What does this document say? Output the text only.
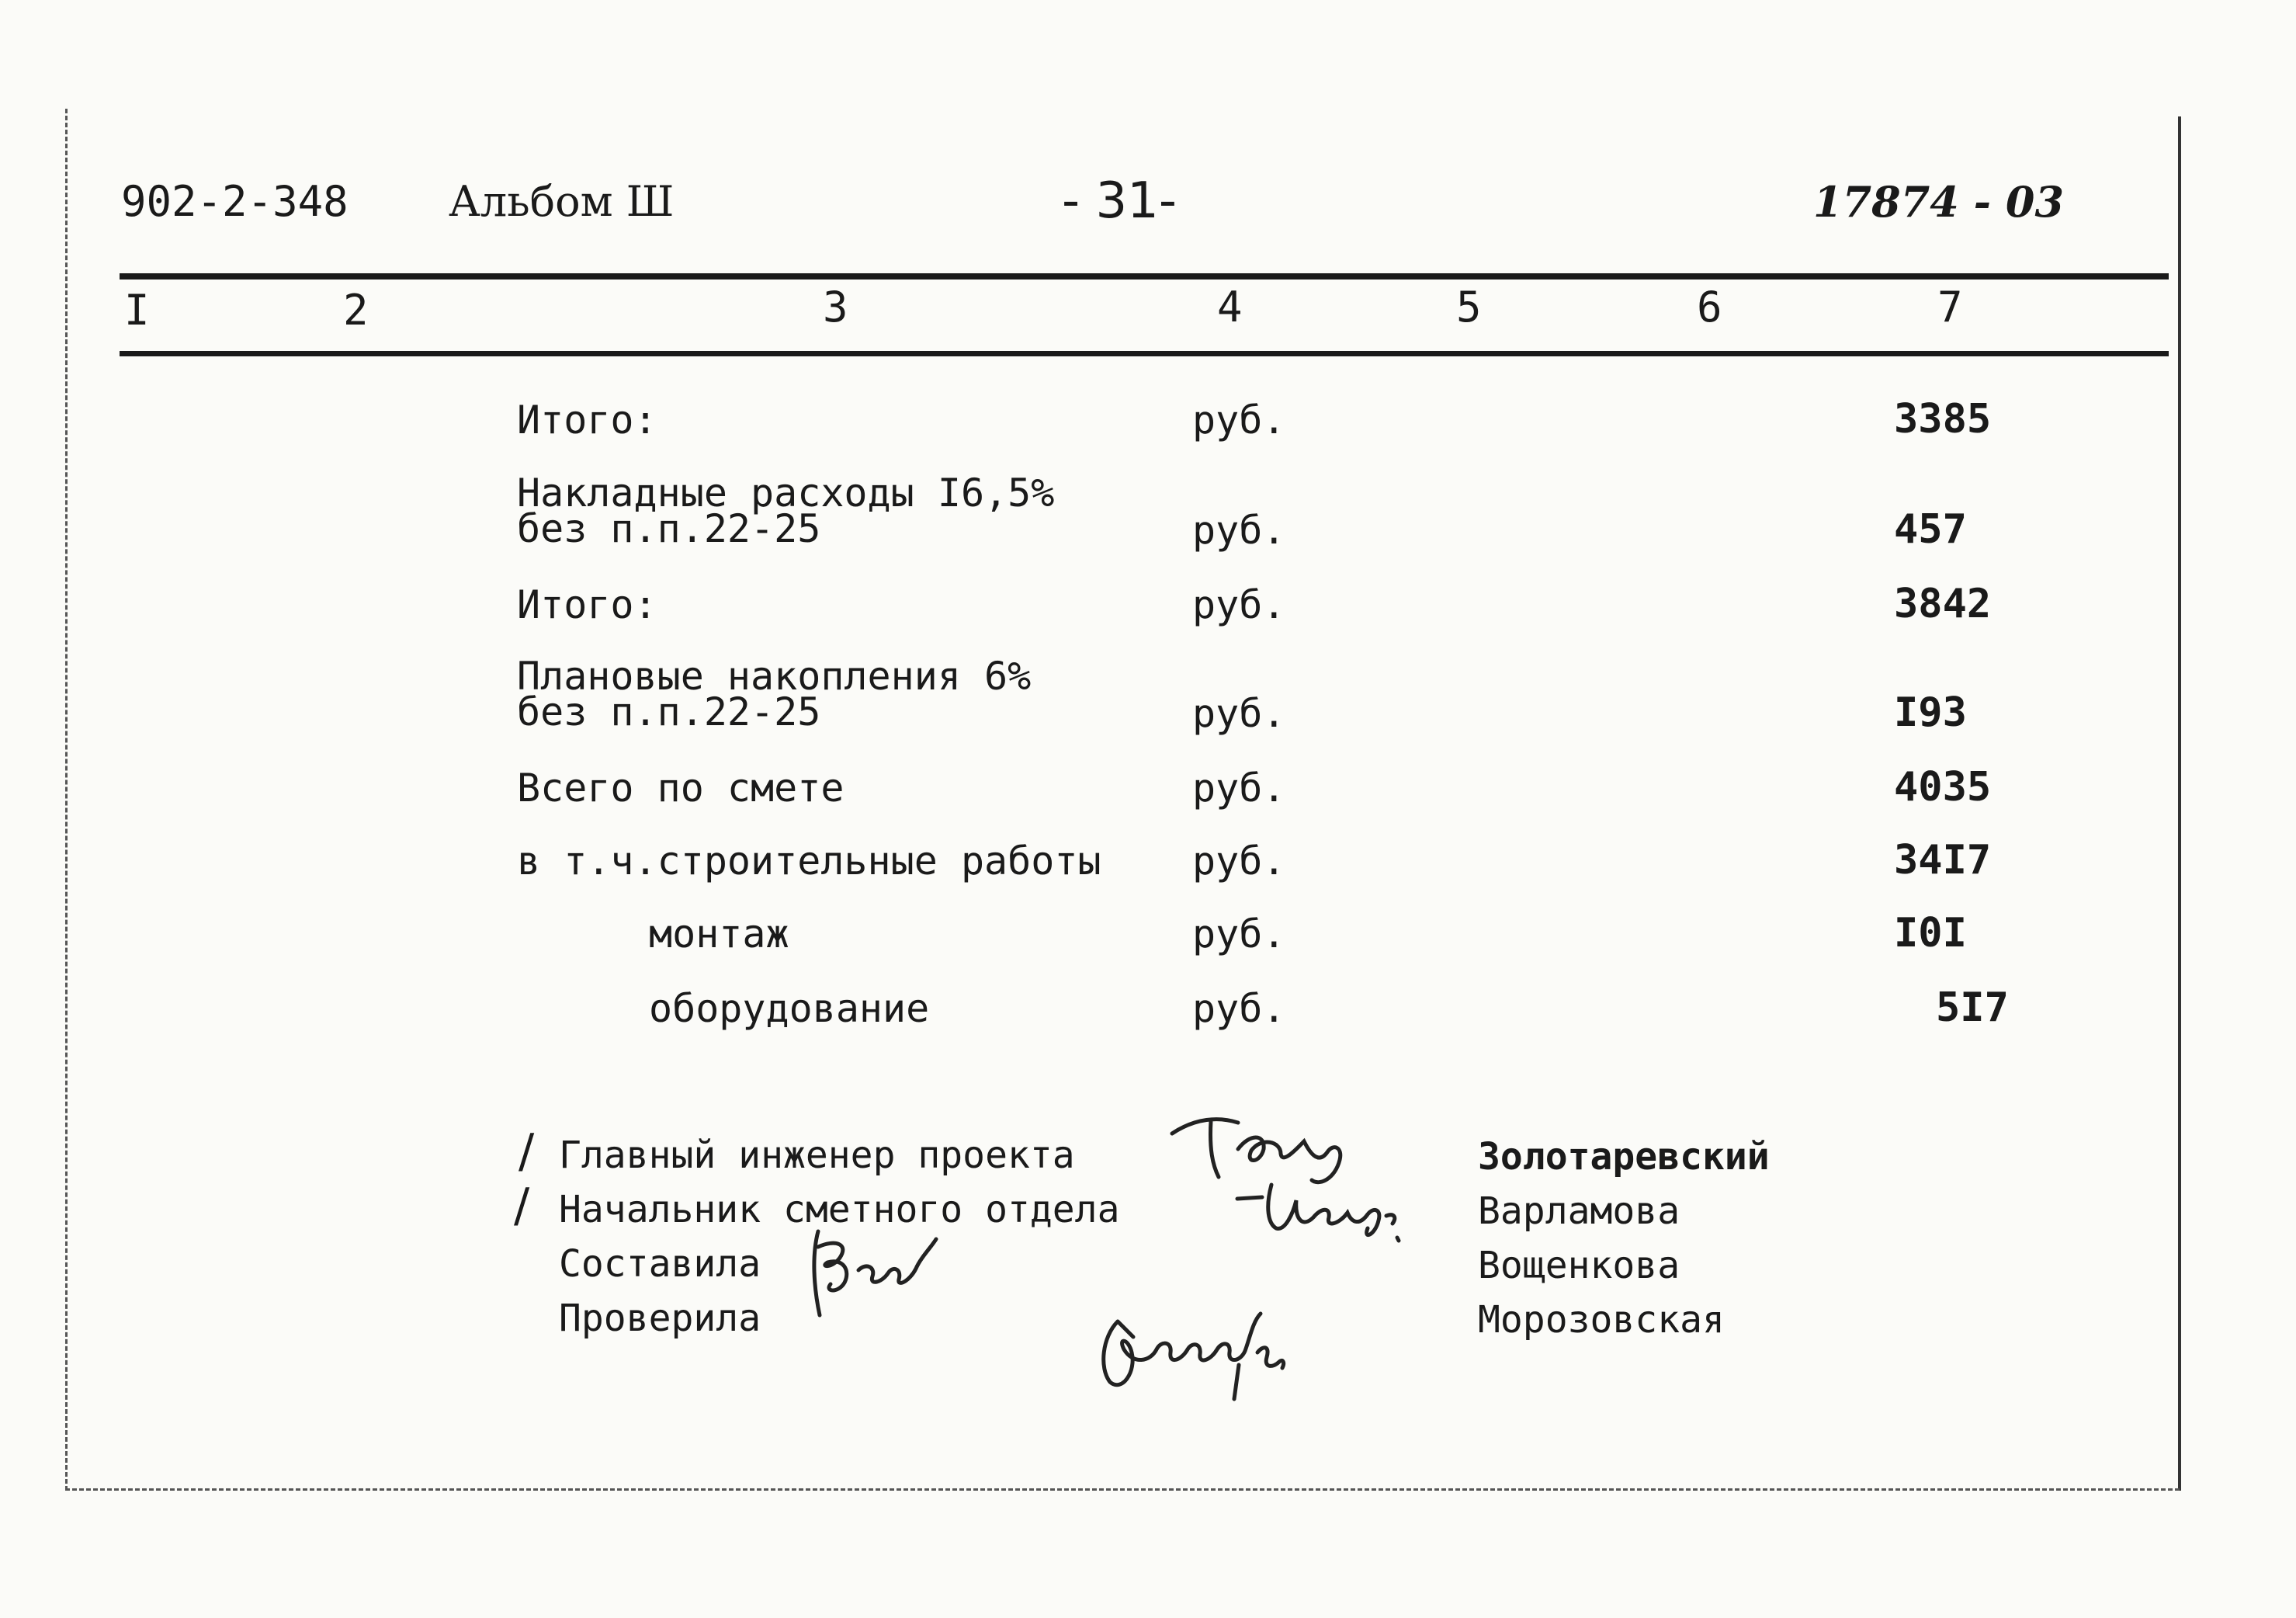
902-2-348 Альбом Ш	- 31-	17874 - 03
I	2	3	4	5	6	7
Итого:	руб.	3385
Накладные расходы I6,5%
без п.п.22-25	руб.	457
Итого:	руб.	3842
Плановые накопления 6%
без п.п.22-25	руб.	I93
Всего по смете	руб.	4035
в т.ч.строительные работы руб.	34I7
монтаж	руб.	I0I
оборудование	руб.	5I7
/
/
Главный инженер проекта
Начальник сметного отдела
Составила
Проверила
Золотаревский
Варламова
Вощенкова
Морозовская
